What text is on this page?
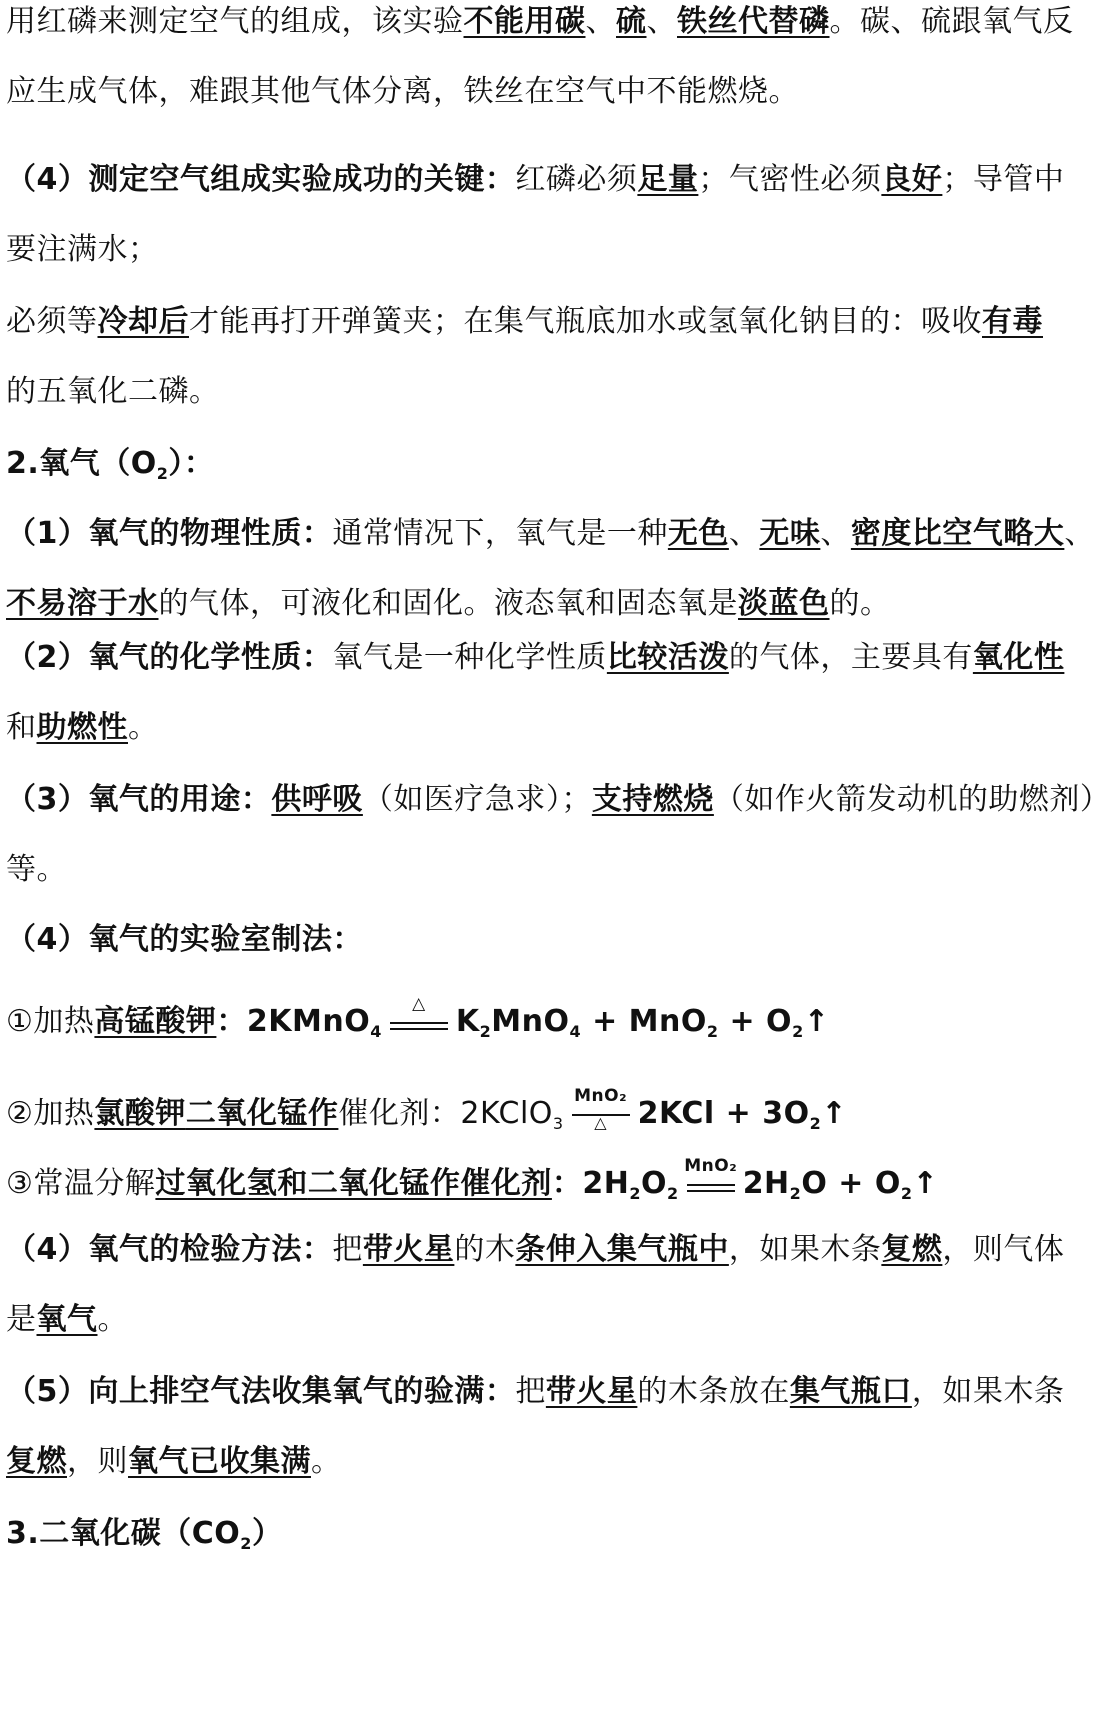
用红磷来测定空气的组成，该实验不能用碳、硫、铁丝代替磷。碳、硫跟氧气反
应生成气体，难跟其他气体分离，铁丝在空气中不能燃烧。
（4）测定空气组成实验成功的关键：红磷必须足量；气密性必须良好；导管中
要注满水；
必须等冷却后才能再打开弹簧夹；在集气瓶底加水或氢氧化钠目的：吸收有毒
的五氧化二磷。
2.氧气$(O_2)$：
（1）氧气的物理性质：通常情况下，氧气是一种无色、无味、密度比空气略大、
不易溶于水的气体，可液化和固化。液态氧和固态氧是淡蓝色的。
（2）氧气的化学性质：氧气是一种化学性质比较活泼的气体，主要具有氧化性
和助燃性。
（3）氧气的用途：供呼吸（如医疗急求）；支持燃烧（如作火箭发动机的助燃剂）
等。
（4）氧气的实验室制法：
①加热高锰酸钾：2KMnO$_4$
△	$K_2MnO_4 + MnO_2$ + $O_2↑$
②加热氯酸钾二氧化锰作催化剂：2KClO$_3$
MnO₂
△	$2KCl + 3O_2↑$
③常温分解过氧化氢和二氧化锰作催化剂：$2H_2O_2$
MnO₂ $2H_2O$ + $O_2↑$
（4）氧气的检验方法：把带火星的木条伸入集气瓶中，如果木条复燃，则气体
是氧气。
（5）向上排空气法收集氧气的验满：把带火星的木条放在集气瓶口，如果木条
复燃，则氧气已收集满。
3.二氧化碳$(CO_2)$
